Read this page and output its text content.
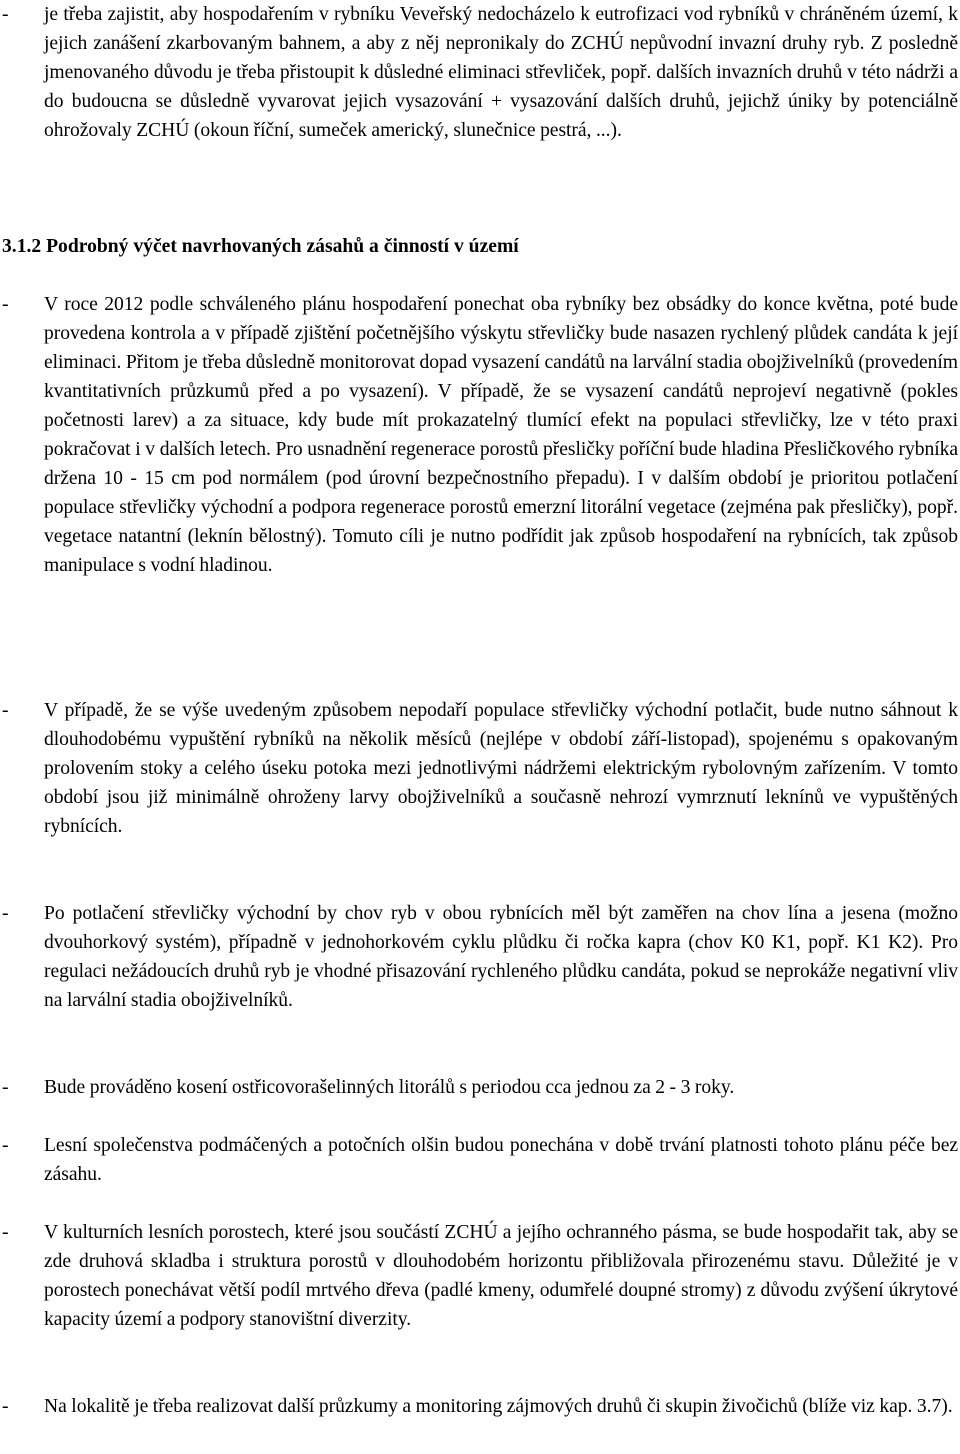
-	je třeba zajistit, aby hospodařením v rybníku Veveřský nedocházelo k eutrofizaci vod rybníků v chráněném území, k jejich zanášení zkarbovaným bahnem, a aby z něj nepronikaly do ZCHÚ nepůvodní invazní druhy ryb. Z posledně jmenovaného důvodu je třeba přistoupit k důsledné eliminaci střevliček, popř. dalších invazních druhů v této nádrži a do budoucna se důsledně vyvarovat jejich vysazování + vysazování dalších druhů, jejichž úniky by potenciálně ohrožovaly ZCHÚ (okoun říční, sumeček americký, slunečnice pestrá, ...).
3.1.2 Podrobný výčet navrhovaných zásahů a činností v území
-	V roce 2012 podle schváleného plánu hospodaření ponechat oba rybníky bez obsádky do konce května, poté bude provedena kontrola a v případě zjištění početnějšího výskytu střevličky bude nasazen rychlený plůdek candáta k její eliminaci. Přitom je třeba důsledně monitorovat dopad vysazení candátů na larvální stadia obojživelníků (provedením kvantitativních průzkumů před a po vysazení). V případě, že se vysazení candátů neprojeví negativně (pokles početnosti larev) a za situace, kdy bude mít prokazatelný tlumící efekt na populaci střevličky, lze v této praxi pokračovat i v dalších letech. Pro usnadnění regenerace porostů přesličky poříční bude hladina Přesličkového rybníka držena 10 - 15 cm pod normálem (pod úrovní bezpečnostního přepadu). I v dalším období je prioritou potlačení populace střevličky východní a podpora regenerace porostů emerzní litorální vegetace (zejména pak přesličky), popř. vegetace natantní (leknín bělostný). Tomuto cíli je nutno podřídit jak způsob hospodaření na rybnících, tak způsob manipulace s vodní hladinou.
-	V případě, že se výše uvedeným způsobem nepodaří populace střevličky východní potlačit, bude nutno sáhnout k dlouhodobému vypuštění rybníků na několik měsíců (nejlépe v období září-listopad), spojenému s opakovaným prolovením stoky a celého úseku potoka mezi jednotlivými nádržemi elektrickým rybolovným zařízením. V tomto období jsou již minimálně ohroženy larvy obojživelníků a současně nehrozí vymrznutí leknínů ve vypuštěných rybnících.
-	Po potlačení střevličky východní by chov ryb v obou rybnících měl být zaměřen na chov lína a jesena (možno dvouhorkový systém), případně v jednohorkovém cyklu plůdku či ročka kapra (chov K0 K1, popř. K1 K2). Pro regulaci nežádoucích druhů ryb je vhodné přisazování rychleného plůdku candáta, pokud se neprokáže negativní vliv na larvální stadia obojživelníků.
-	Bude prováděno kosení ostřicovorašelinných litorálů s periodou cca jednou za 2 - 3 roky.
-	Lesní společenstva podmáčených a potočních olšin budou ponechána v době trvání platnosti tohoto plánu péče bez zásahu.
-	V kulturních lesních porostech, které jsou součástí ZCHÚ a jejího ochranného pásma, se bude hospodařit tak, aby se zde druhová skladba i struktura porostů v dlouhodobém horizontu přibližovala přirozenému stavu. Důležité je v porostech ponechávat větší podíl mrtvého dřeva (padlé kmeny, odumřelé doupné stromy) z důvodu zvýšení úkrytové kapacity území a podpory stanovištní diverzity.
-	Na lokalitě je třeba realizovat další průzkumy a monitoring zájmových druhů či skupin živočichů (blíže viz kap. 3.7).
